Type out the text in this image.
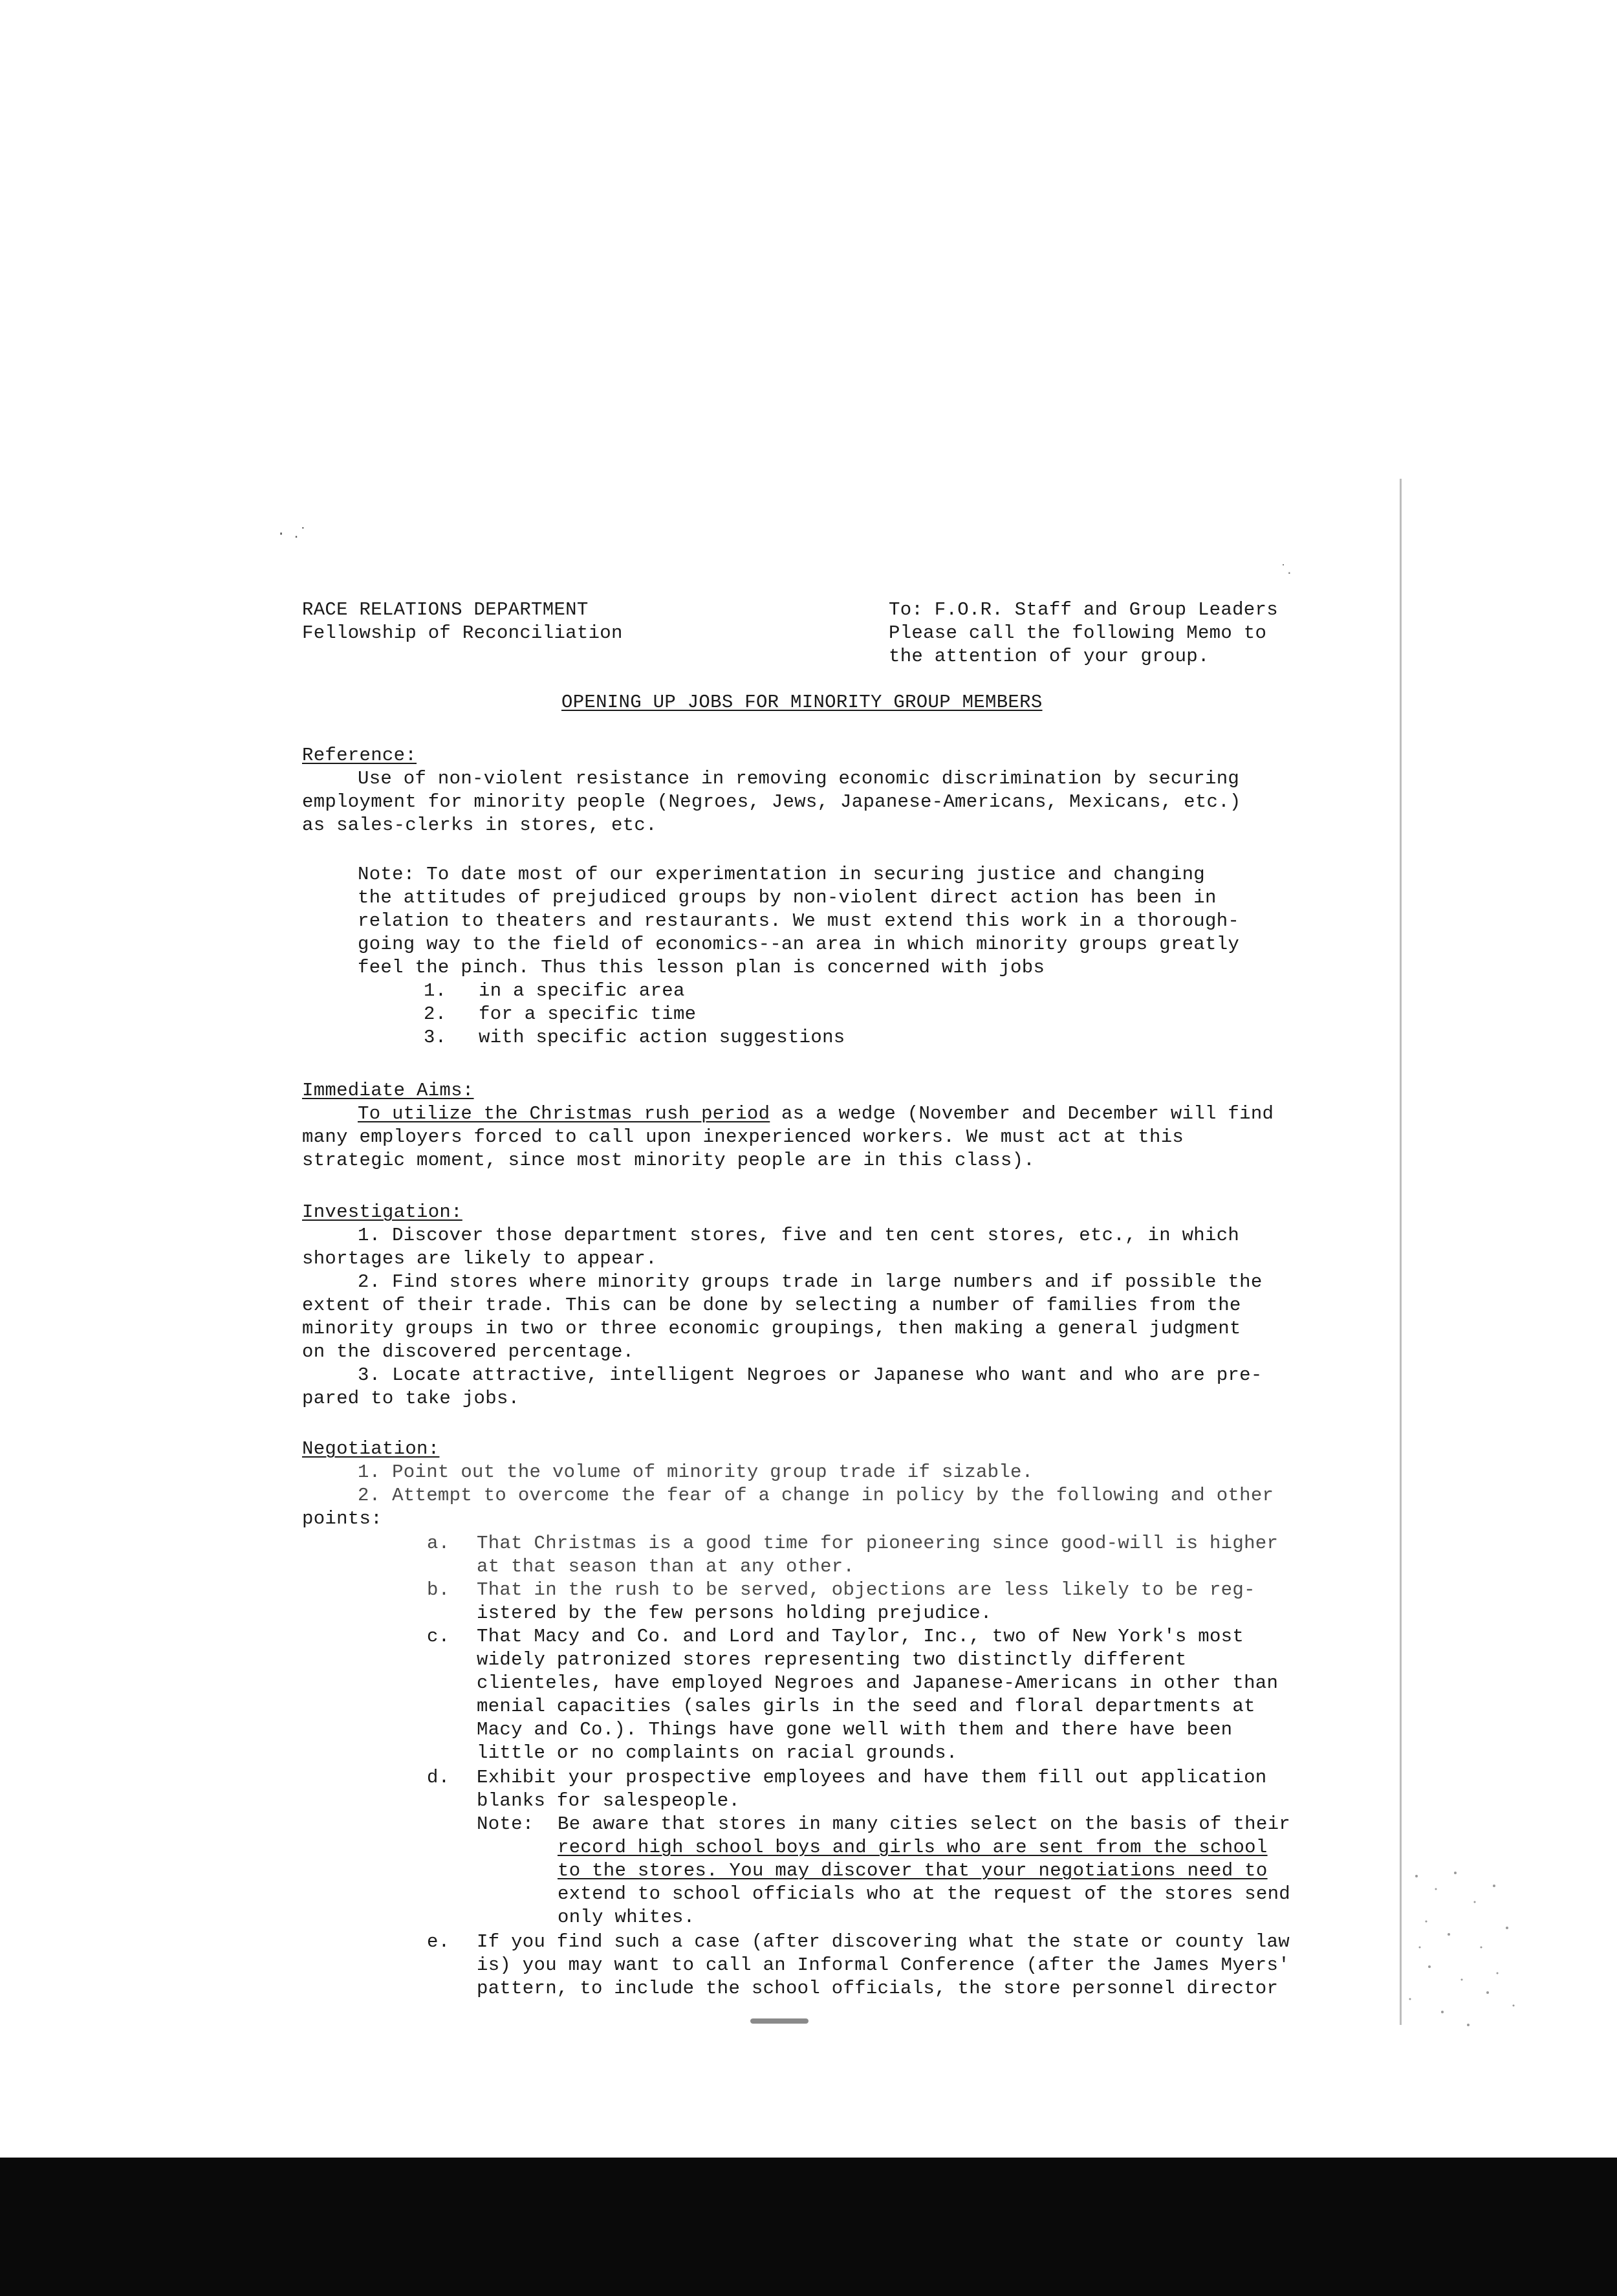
· ․˙
˙․
RACE RELATIONS DEPARTMENT
Fellowship of Reconciliation
To: F.O.R. Staff and Group Leaders
Please call the following Memo to
the attention of your group.
OPENING UP JOBS FOR MINORITY GROUP MEMBERS
Reference:
Use of non-violent resistance in removing economic discrimination by securing
employment for minority people (Negroes, Jews, Japanese-Americans, Mexicans, etc.)
as sales-clerks in stores, etc.
Note: To date most of our experimentation in securing justice and changing
the attitudes of prejudiced groups by non-violent direct action has been in
relation to theaters and restaurants. We must extend this work in a thorough-
going way to the field of economics--an area in which minority groups greatly
feel the pinch. Thus this lesson plan is concerned with jobs
1. in a specific area
2. for a specific time
3. with specific action suggestions
Immediate Aims:
To utilize the Christmas rush period as a wedge (November and December will find
many employers forced to call upon inexperienced workers. We must act at this
strategic moment, since most minority people are in this class).
Investigation:
1. Discover those department stores, five and ten cent stores, etc., in which
shortages are likely to appear.
2. Find stores where minority groups trade in large numbers and if possible the
extent of their trade. This can be done by selecting a number of families from the
minority groups in two or three economic groupings, then making a general judgment
on the discovered percentage.
3. Locate attractive, intelligent Negroes or Japanese who want and who are pre-
pared to take jobs.
Negotiation:
1. Point out the volume of minority group trade if sizable.
2. Attempt to overcome the fear of a change in policy by the following and other
points:
a. That Christmas is a good time for pioneering since good-will is higher
at that season than at any other.
b. That in the rush to be served, objections are less likely to be reg-
istered by the few persons holding prejudice.
c. That Macy and Co. and Lord and Taylor, Inc., two of New York's most
widely patronized stores representing two distinctly different
clienteles, have employed Negroes and Japanese-Americans in other than
menial capacities (sales girls in the seed and floral departments at
Macy and Co.). Things have gone well with them and there have been
little or no complaints on racial grounds.
d. Exhibit your prospective employees and have them fill out application
blanks for salespeople.
Note: Be aware that stores in many cities select on the basis of their
record high school boys and girls who are sent from the school
to the stores. You may discover that your negotiations need to
extend to school officials who at the request of the stores send
only whites.
e. If you find such a case (after discovering what the state or county law
is) you may want to call an Informal Conference (after the James Myers'
pattern, to include the school officials, the store personnel director
